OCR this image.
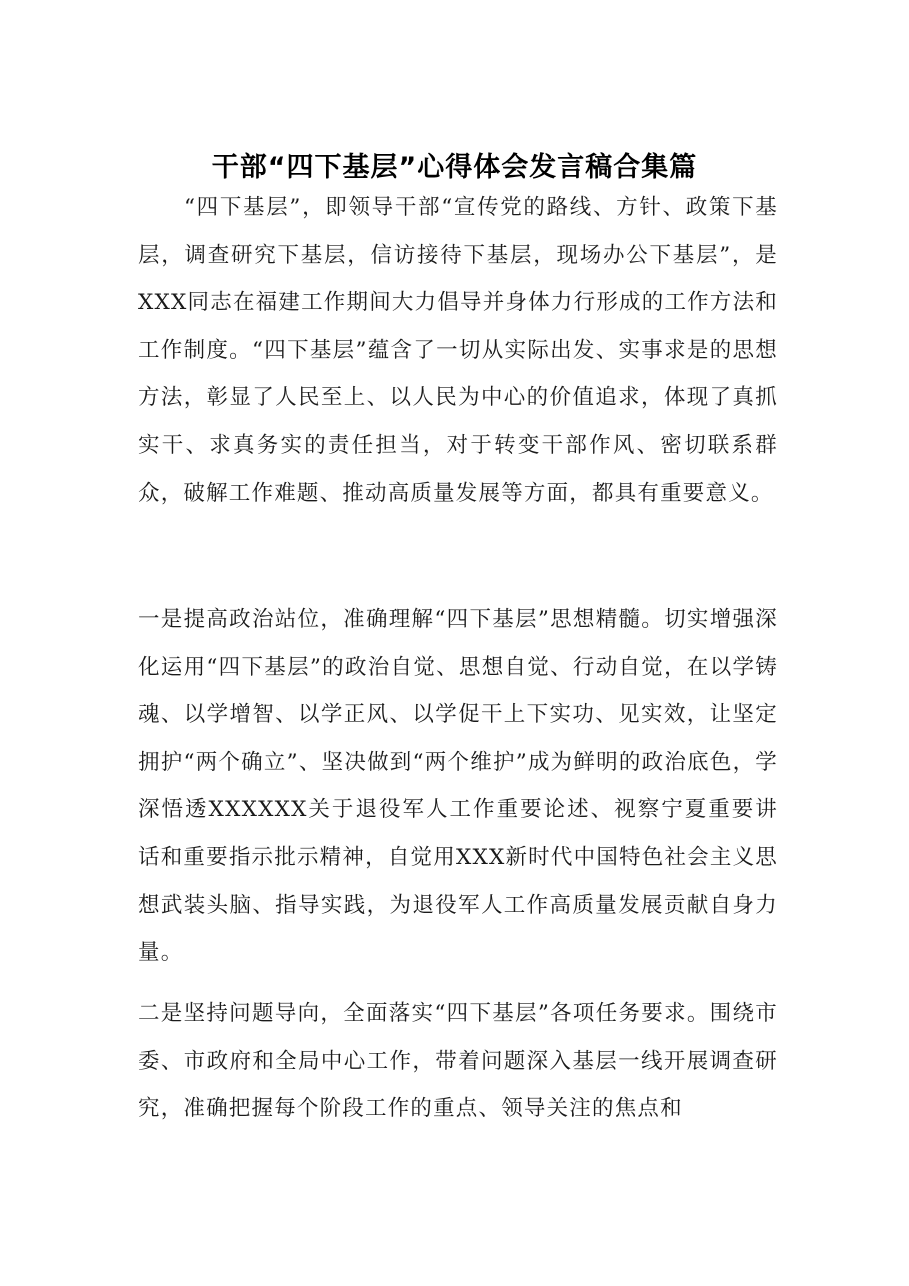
干部“四下基层”心得体会发言稿合集篇

“四下基层”，即领导干部“宣传党的路线、方针、政策下基层，调查研究下基层，信访接待下基层，现场办公下基层”，是XXX同志在福建工作期间大力倡导并身体力行形成的工作方法和工作制度。“四下基层”蕴含了一切从实际出发、实事求是的思想方法，彰显了人民至上、以人民为中心的价值追求，体现了真抓实干、求真务实的责任担当，对于转变干部作风、密切联系群众，破解工作难题、推动高质量发展等方面，都具有重要意义。

一是提高政治站位，准确理解“四下基层”思想精髓。切实增强深化运用“四下基层”的政治自觉、思想自觉、行动自觉，在以学铸魂、以学增智、以学正风、以学促干上下实功、见实效，让坚定拥护“两个确立”、坚决做到“两个维护”成为鲜明的政治底色，学深悟透XXXXXX关于退役军人工作重要论述、视察宁夏重要讲话和重要指示批示精神，自觉用XXX新时代中国特色社会主义思想武装头脑、指导实践，为退役军人工作高质量发展贡献自身力量。

二是坚持问题导向，全面落实“四下基层”各项任务要求。围绕市委、市政府和全局中心工作，带着问题深入基层一线开展调查研究，准确把握每个阶段工作的重点、领导关注的焦点和
